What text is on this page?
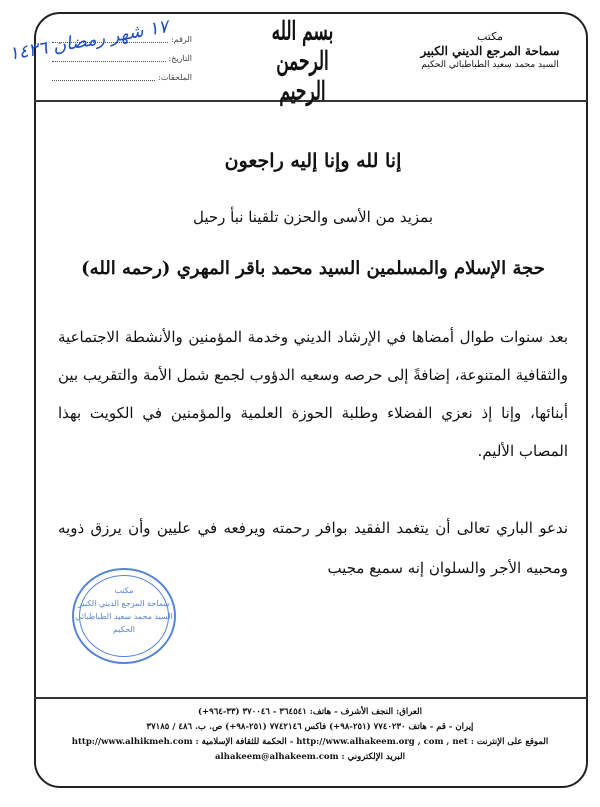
مكتب
سماحة المرجع الديني الكبير
السيد محمد سعيد الطباطبائي الحكيم
بسم الله الرحمن الرحيم
الرقم:
التاريخ:
الملحقات:
١٧ شهر رمضان ١٤٣٦
إنا لله وإنا إليه راجعون
بمزيد من الأسى والحزن تلقينا نبأ رحيل
حجة الإسلام والمسلمين السيد محمد باقر المهري (رحمه الله)
بعد سنوات طوال أمضاها في الإرشاد الديني وخدمة المؤمنين والأنشطة الاجتماعية والثقافية المتنوعة، إضافةً إلى حرصه وسعيه الدؤوب لجمع شمل الأمة والتقريب بين أبنائها، وإنا إذ نعزي الفضلاء وطلبة الحوزة العلمية والمؤمنين في الكويت بهذا المصاب الأليم.
ندعو الباري تعالى أن يتغمد الفقيد بوافر رحمته ويرفعه في عليين وأن يرزق ذويه ومحبيه الأجر والسلوان إنه سميع مجيب
مكتب
سماحة المرجع الديني الكبير
السيد محمد سعيد الطباطبائي
الحكيم
العراق: النجف الأشرف - هاتف: ٣٦٤٥٤١ - ٣٧٠٠٤٦ (٣٣-٩٦٤+)
إيران - قم - هاتف ٧٧٤٠٢٣٠ (٢٥١-٩٨+) فاكس ٧٧٤٢١٤٦ (٢٥١-٩٨+) ص. ب. ٤٨٦ / ٣٧١٨٥
الموقع على الإنترنت : http://www.alhakeem.org , com , net - الحكمة للثقافة الإسلامية : http://www.alhikmeh.com
البريد الإلكتروني : alhakeem@alhakeem.com
